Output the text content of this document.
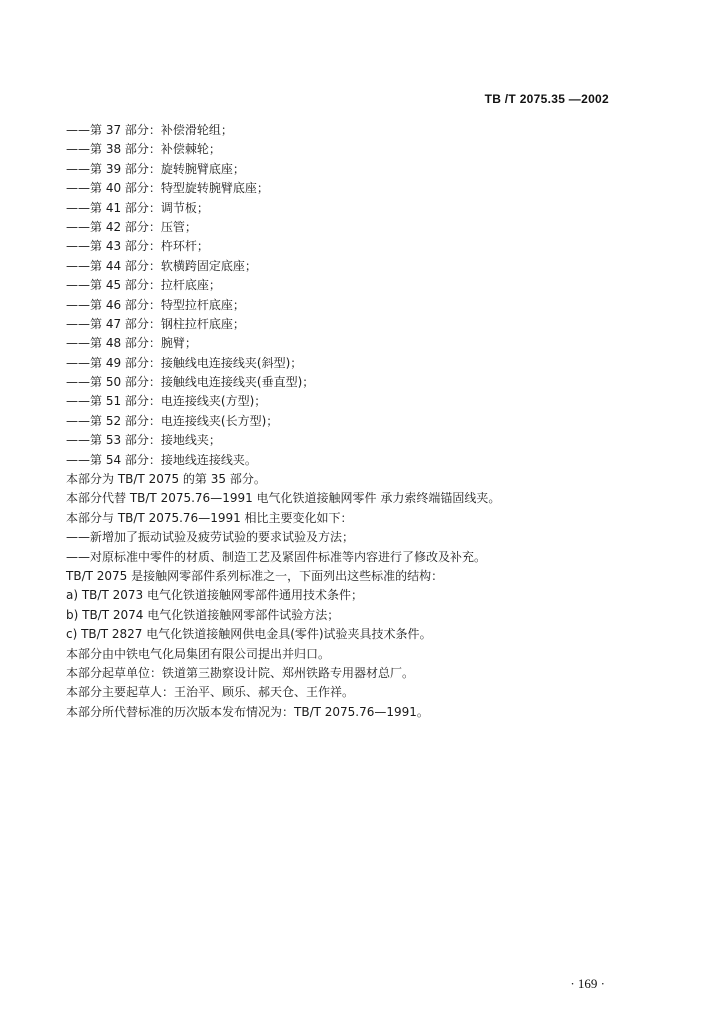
TB /T 2075.35 —2002
——第 37 部分：补偿滑轮组；
——第 38 部分：补偿棘轮；
——第 39 部分：旋转腕臂底座；
——第 40 部分：特型旋转腕臂底座；
——第 41 部分：调节板；
——第 42 部分：压管；
——第 43 部分：杵环杆；
——第 44 部分：软横跨固定底座；
——第 45 部分：拉杆底座；
——第 46 部分：特型拉杆底座；
——第 47 部分：钢柱拉杆底座；
——第 48 部分：腕臂；
——第 49 部分：接触线电连接线夹(斜型)；
——第 50 部分：接触线电连接线夹(垂直型)；
——第 51 部分：电连接线夹(方型)；
——第 52 部分：电连接线夹(长方型)；
——第 53 部分：接地线夹；
——第 54 部分：接地线连接线夹。
本部分为 TB/T 2075 的第 35 部分。
本部分代替 TB/T 2075.76—1991 电气化铁道接触网零件 承力索终端锚固线夹。
本部分与 TB/T 2075.76—1991 相比主要变化如下：
——新增加了振动试验及疲劳试验的要求试验及方法；
——对原标准中零件的材质、制造工艺及紧固件标准等内容进行了修改及补充。
TB/T 2075 是接触网零部件系列标准之一，下面列出这些标准的结构：
a) TB/T 2073 电气化铁道接触网零部件通用技术条件；
b) TB/T 2074 电气化铁道接触网零部件试验方法；
c) TB/T 2827 电气化铁道接触网供电金具(零件)试验夹具技术条件。
本部分由中铁电气化局集团有限公司提出并归口。
本部分起草单位：铁道第三勘察设计院、郑州铁路专用器材总厂。
本部分主要起草人：王治平、顾乐、郝天仓、王作祥。
本部分所代替标准的历次版本发布情况为：TB/T 2075.76—1991。
· 169 ·
